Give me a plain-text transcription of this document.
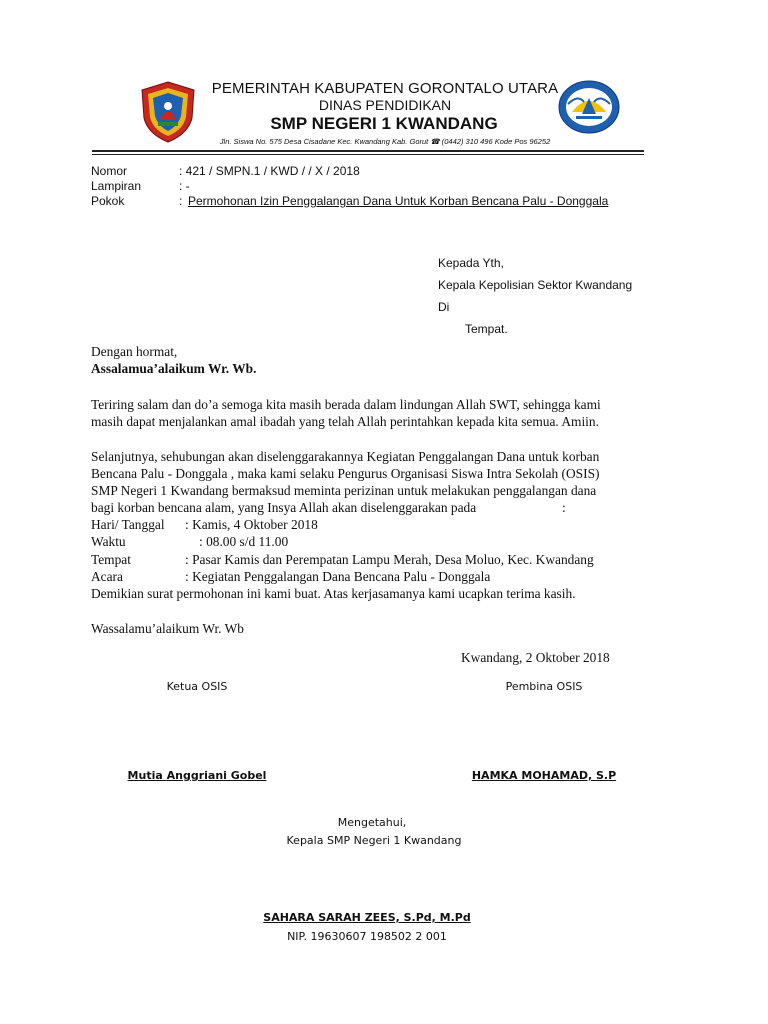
PEMERINTAH KABUPATEN GORONTALO UTARA
DINAS PENDIDIKAN
SMP NEGERI 1 KWANDANG
Jln. Siswa No. 575 Desa Cisadane Kec. Kwandang Kab. Gorut ☎ (0442) 310 496 Kode Pos 96252
Nomor	: 421 / SMPN.1 / KWD / / X / 2018
Lampiran	: -
Pokok	: Permohonan Izin Penggalangan Dana Untuk Korban Bencana Palu - Donggala
Kepada Yth,
Kepala Kepolisian Sektor Kwandang
Di
Tempat.
Dengan hormat,
Assalamua’alaikum Wr. Wb.
Teriring salam dan do’a semoga kita masih berada dalam lindungan Allah SWT, sehingga kami
masih dapat menjalankan amal ibadah yang telah Allah perintahkan kepada kita semua. Amiin.
Selanjutnya, sehubungan akan diselenggarakannya Kegiatan Penggalangan Dana untuk korban
Bencana Palu - Donggala , maka kami selaku Pengurus Organisasi Siswa Intra Sekolah (OSIS)
SMP Negeri 1 Kwandang bermaksud meminta perizinan untuk melakukan penggalangan dana
bagi korban bencana alam, yang Insya Allah akan diselenggarakan pada	:
Hari/ Tanggal : Kamis, 4 Oktober 2018
Waktu	: 08.00 s/d 11.00
Tempat	: Pasar Kamis dan Perempatan Lampu Merah, Desa Moluo, Kec. Kwandang
Acara	: Kegiatan Penggalangan Dana Bencana Palu - Donggala
Demikian surat permohonan ini kami buat. Atas kerjasamanya kami ucapkan terima kasih.
Wassalamu’alaikum Wr. Wb
Kwandang, 2 Oktober 2018
Ketua OSIS	Pembina OSIS
Mutia Anggriani Gobel	HAMKA MOHAMAD, S.P
Mengetahui,
Kepala SMP Negeri 1 Kwandang
SAHARA SARAH ZEES, S.Pd, M.Pd
NIP. 19630607 198502 2 001
